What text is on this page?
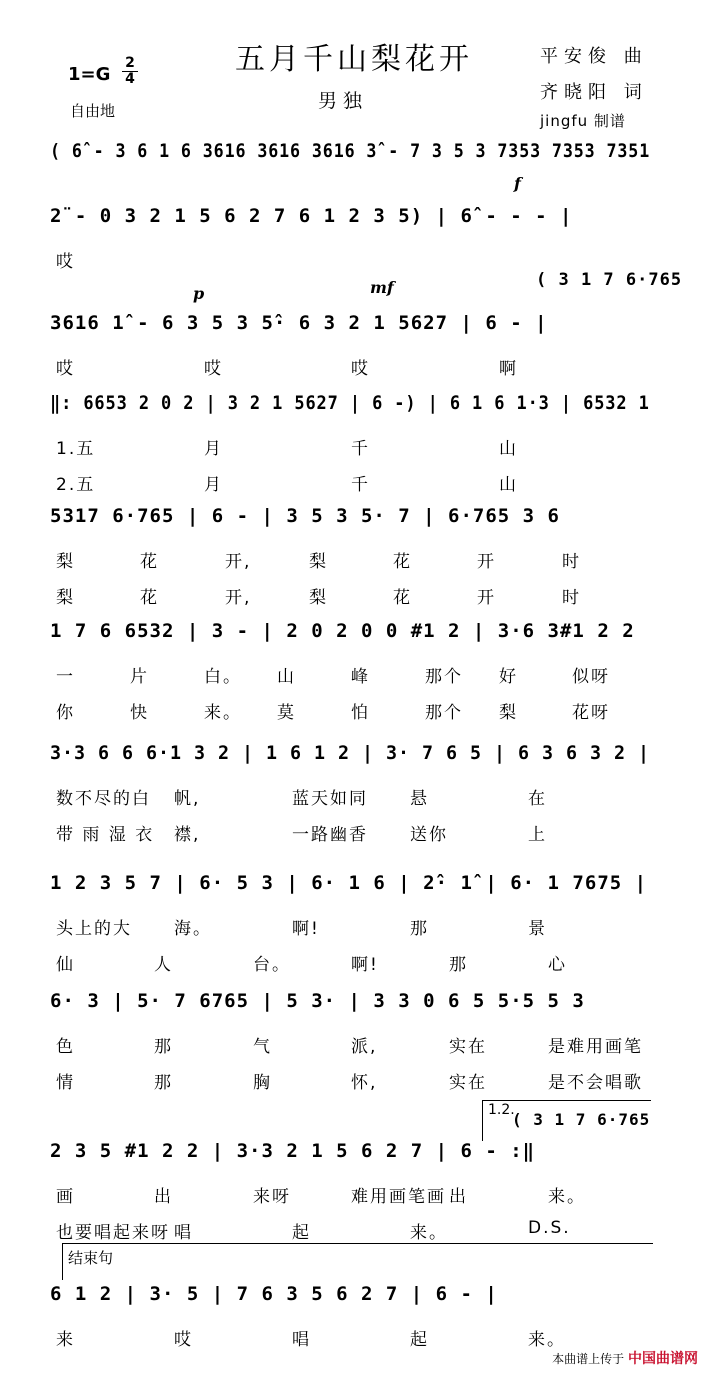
五月千山梨花开
男独
1=G
2
4
自由地
平安俊 曲
齐晓阳 词
jingfu 制谱
( 6̂ - 3 6 1 6 3616 3616 3616 3̂ - 7 3 5 3 7353 7353 7351
2̈ - 0 3 2 1 5 6 2 7 6 1 2 3 5) | 6̂ - - - |
( 3 1 7 6·765
哎
3616 1̂ - 6 3 5 3 5̂· 6 3 2 1 5627 | 6 - |
哎	哎	哎	啊
‖: 6653 2 0 2 | 3 2 1 5627 | 6 -) | 6 1 6 1·3 | 6532 1
1.五	月	千	山
2.五	月	千	山
5317 6·765 | 6 - | 3 5 3 5· 7 | 6·765 3 6
梨	花	开,	梨	花	开	时
梨	花	开,	梨	花	开	时
1 7 6 6532 | 3 - | 2 0 2 0 0 #1 2 | 3·6 3#1 2 2
一	片	白。 山	峰	那个 好	似呀
你	快	来。 莫	怕	那个 梨	花呀
3·3 6 6 6·1 3 2 | 1 6 1 2 | 3· 7 6 5 | 6 3 6 3 2 |
数不尽的白 帆,	蓝天如同 悬	在
带 雨 湿 衣 襟,	一路幽香 送你	上
1 2 3 5 7 | 6· 5 3 | 6· 1 6 | 2̂· 1̂ | 6· 1 7675 |
头上的大 海。	啊!	那	景
仙	人	台。	啊!	那	心
6· 3 | 5· 7 6765 | 5 3· | 3 3 0 6 5 5·5 5 3
色	那	气	派,	实在	是难用画笔
情	那	胸	怀,	实在	是不会唱歌
2 3 5 #1 2 2 | 3·3 2 1 5 6 2 7 | 6 - :‖
1.2.
( 3 1 7 6·765
画	出	来呀	难用画笔画 出	来。
也要唱起来呀 唱	起	来。	D.S.
6 1 2 | 3· 5 | 7 6 3 5 6 2 7 | 6 - |
结束句
来	哎	唱	起	来。
f
p	mf
本曲谱上传于 中国曲谱网
